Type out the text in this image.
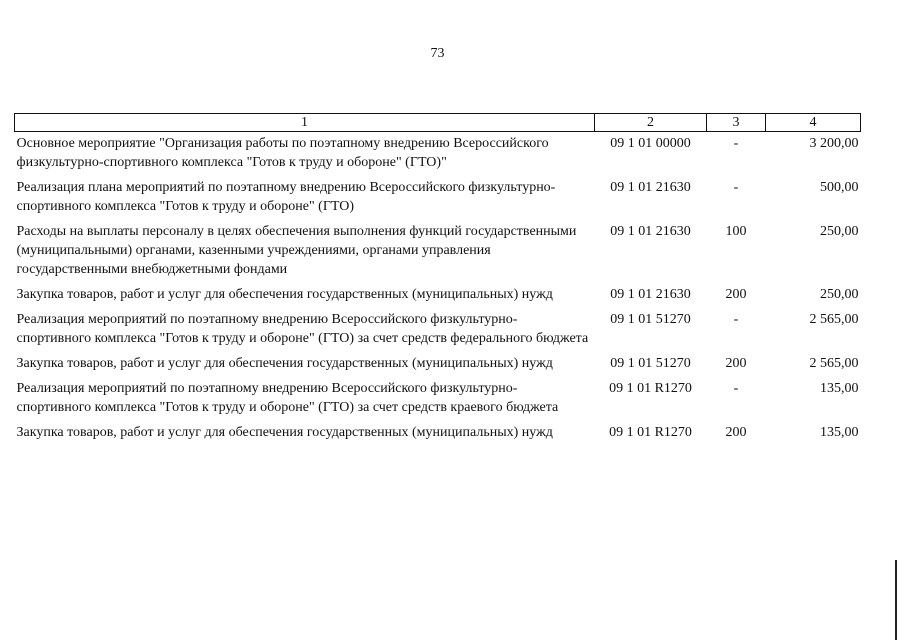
73
1	2	3	4
Основное мероприятие "Организация работы по поэтапному внедрению Всероссийского физкультурно-спортивного комплекса "Готов к труду и обороне" (ГТО)"	09 1 01 00000	-	3 200,00
Реализация плана мероприятий по поэтапному внедрению Всероссийского физкультурно-спортивного комплекса "Готов к труду и обороне" (ГТО)	09 1 01 21630	-	500,00
Расходы на выплаты персоналу в целях обеспечения выполнения функций государственными (муниципальными) органами, казенными учреждениями, органами управления государственными внебюджетными фондами	09 1 01 21630	100	250,00
Закупка товаров, работ и услуг для обеспечения государственных (муниципальных) нужд	09 1 01 21630	200	250,00
Реализация мероприятий по поэтапному внедрению Всероссийского физкультурно-спортивного комплекса "Готов к труду и обороне" (ГТО) за счет средств федерального бюджета	09 1 01 51270	-	2 565,00
Закупка товаров, работ и услуг для обеспечения государственных (муниципальных) нужд	09 1 01 51270	200	2 565,00
Реализация мероприятий по поэтапному внедрению Всероссийского физкультурно-спортивного комплекса "Готов к труду и обороне" (ГТО) за счет средств краевого бюджета	09 1 01 R1270	-	135,00
Закупка товаров, работ и услуг для обеспечения государственных (муниципальных) нужд	09 1 01 R1270	200	135,00
